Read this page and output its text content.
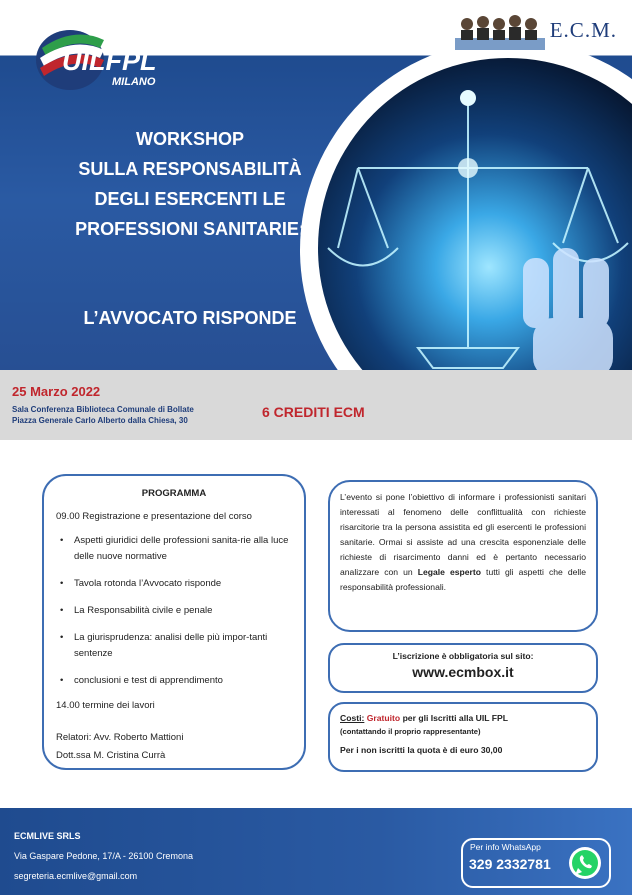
UILFPL
MILANO
E.C.M.
WORKSHOP
SULLA RESPONSABILITÀ
DEGLI ESERCENTI LE
PROFESSIONI SANITARIE:
L’AVVOCATO RISPONDE
25 Marzo 2022
Sala Conferenza Biblioteca Comunale di Bollate
Piazza Generale Carlo Alberto dalla Chiesa, 30
6 CREDITI ECM
PROGRAMMA
09.00 Registrazione e presentazione del corso
• Aspetti giuridici delle professioni sanita-rie alla luce delle nuove normative
• Tavola rotonda l’Avvocato risponde
• La Responsabilità civile e penale
• La giurisprudenza: analisi delle più impor-tanti sentenze
• conclusioni e test di apprendimento
14.00 termine dei lavori
Relatori: Avv. Roberto Mattioni
Dott.ssa M. Cristina Currà
L’evento si pone l’obiettivo di informare i professionisti sanitari interessati al fenomeno delle conflittualità con richieste risarcitorie tra la persona assistita ed gli esercenti le professioni sanitarie. Ormai si assiste ad una crescita esponenziale delle richieste di risarcimento danni ed è pertanto necessario analizzare con un Legale esperto tutti gli aspetti che delle responsabilità professionali.
L’iscrizione è obbligatoria sul sito:
www.ecmbox.it
Costi: Gratuito per gli Iscritti alla UIL FPL
(contattando il proprio rappresentante)
Per i non iscritti la quota è di euro 30,00
ECMLIVE SRLS
Via Gaspare Pedone, 17/A - 26100 Cremona
segreteria.ecmlive@gmail.com
Per info WhatsApp
329 2332781
